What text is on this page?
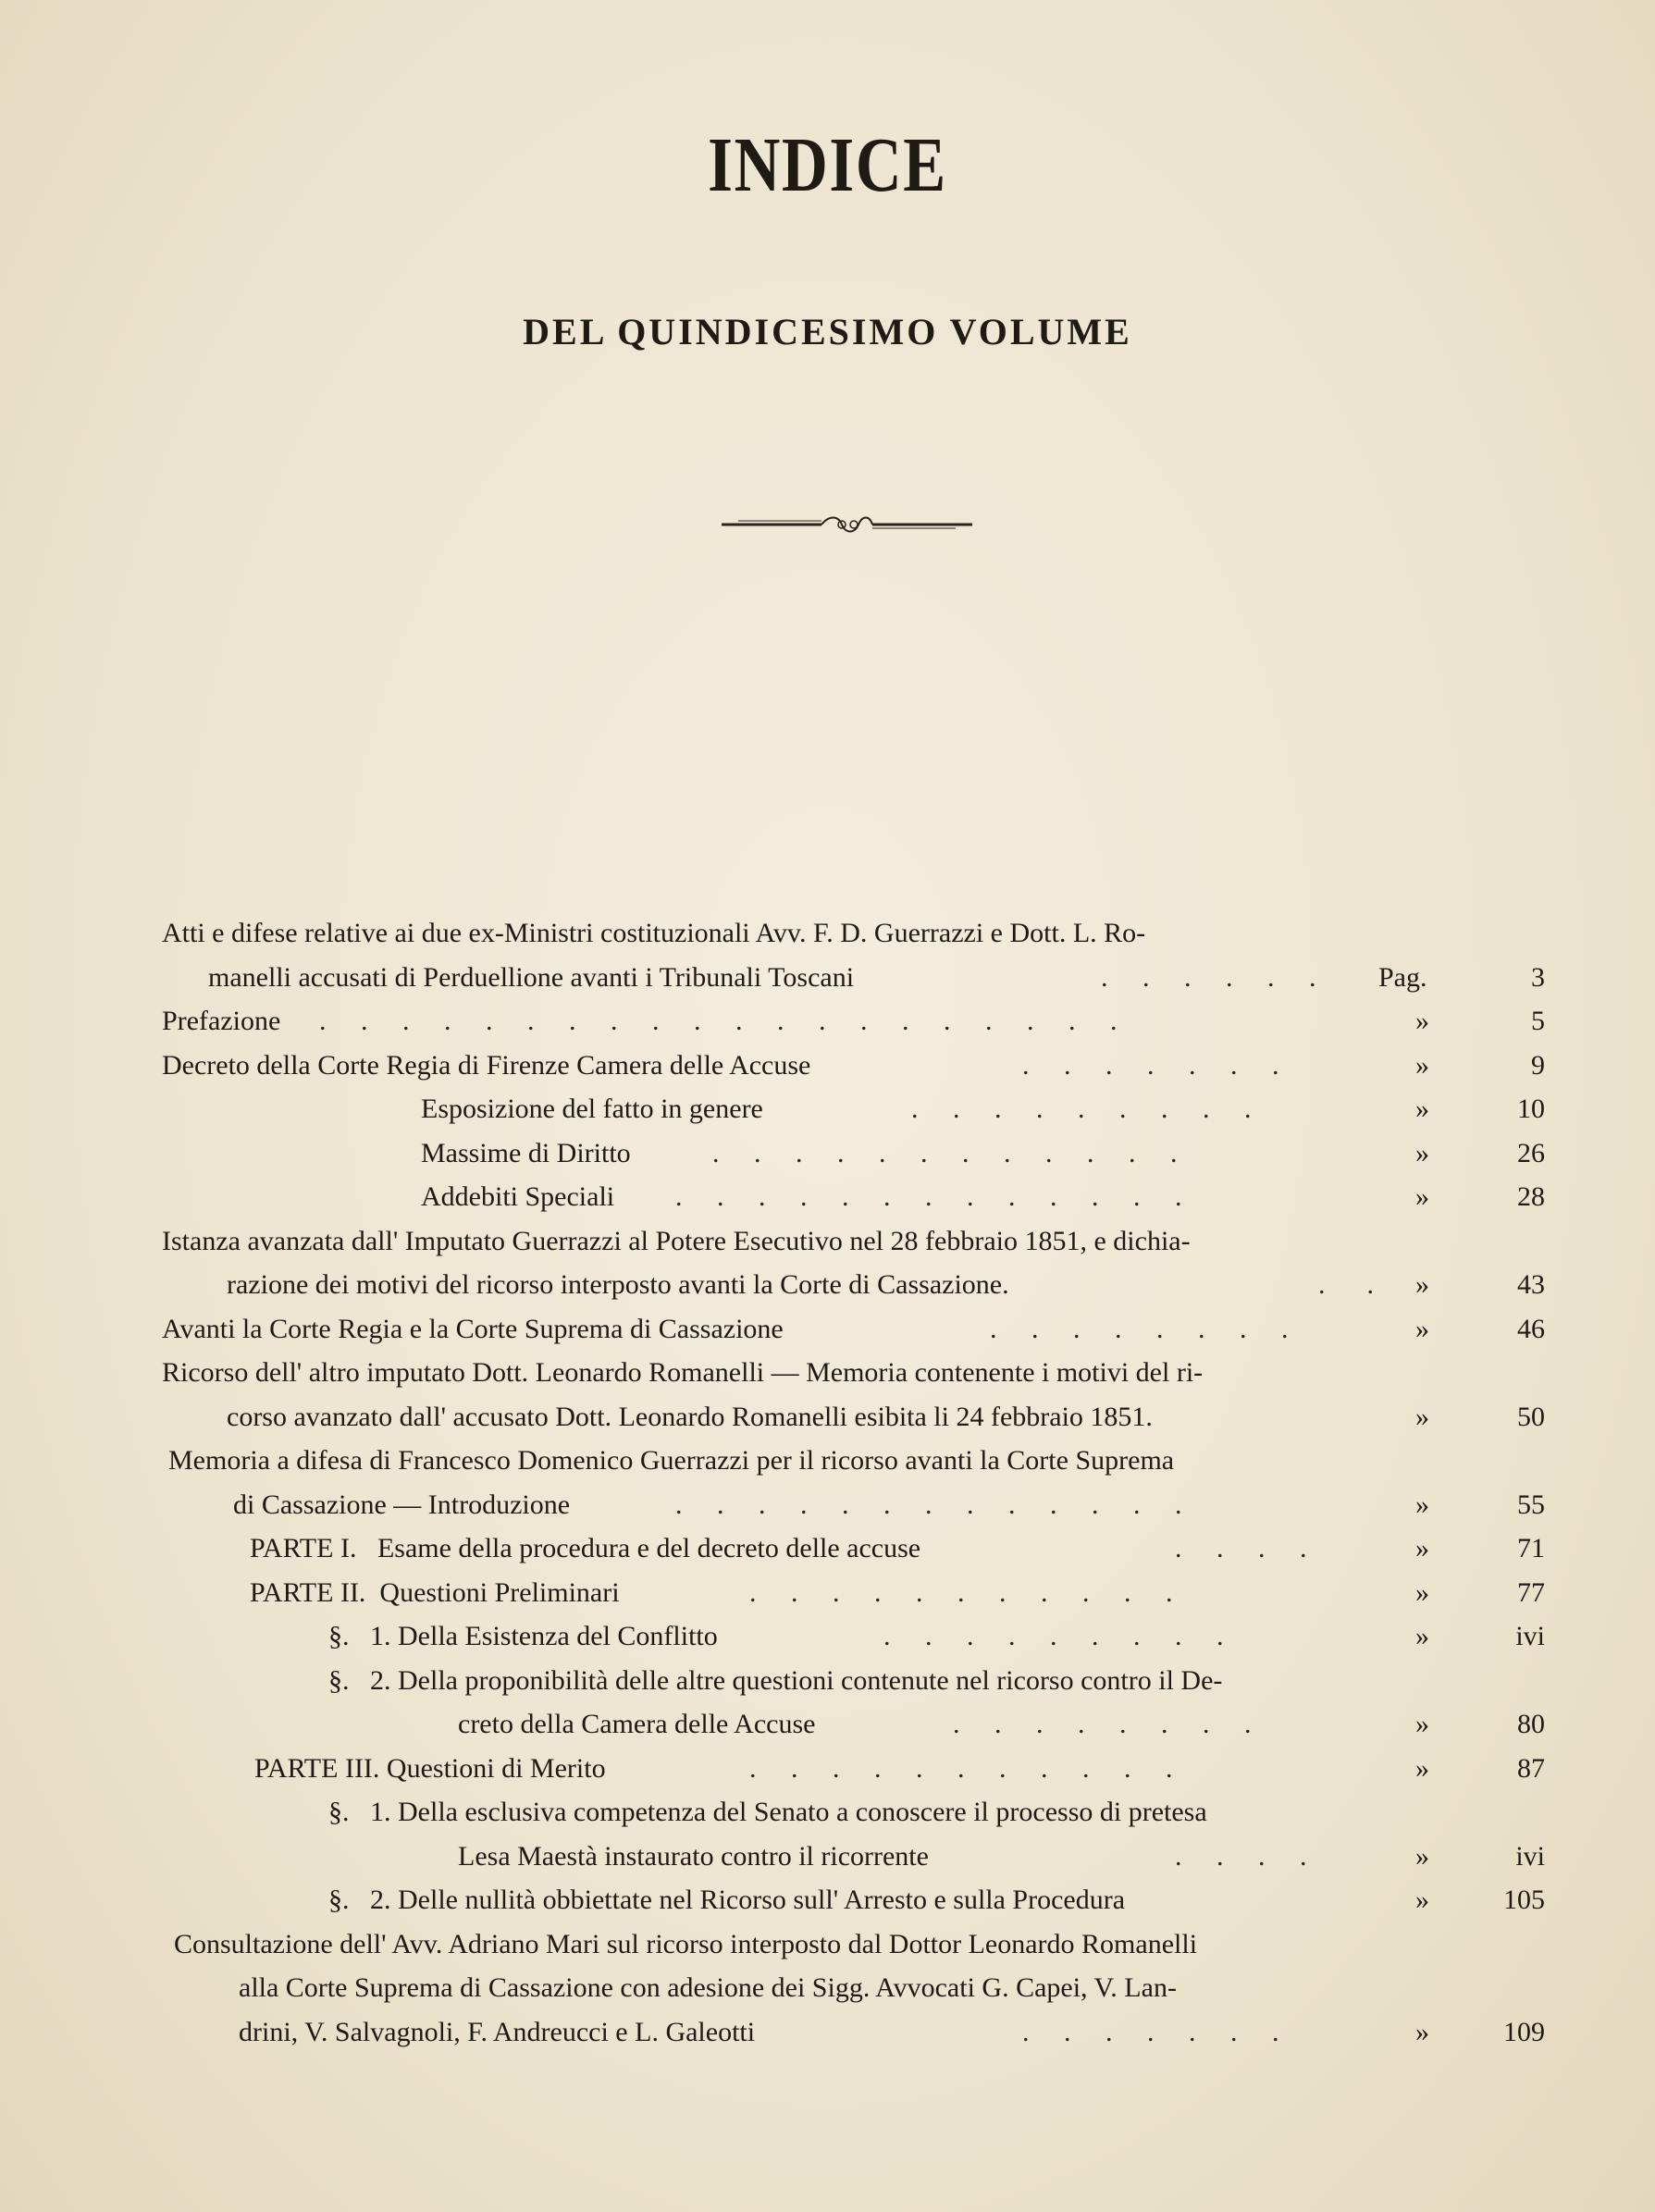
INDICE
DEL QUINDICESIMO VOLUME
Atti e difese relative ai due ex-Ministri costituzionali Avv. F. D. Guerrazzi e Dott. L. Ro-
manelli accusati di Perduellione avanti i Tribunali Toscani	.     .     .     .     .     .	Pag.	3
Prefazione .     .     .     .     .     .     .     .     .     .     .     .     .     .     .     .     .     .     .     .	»	5
Decreto della Corte Regia di Firenze Camera delle Accuse	.     .     .     .     .     .     .	»	9
Esposizione del fatto in genere	.     .     .     .     .     .     .     .     .	»	10
Massime di Diritto	.     .     .     .     .     .     .     .     .     .     .     .	»	26
Addebiti Speciali .     .     .     .     .     .     .     .     .     .     .     .     .	»	28
Istanza avanzata dall' Imputato Guerrazzi al Potere Esecutivo nel 28 febbraio 1851, e dichia-
razione dei motivi del ricorso interposto avanti la Corte di Cassazione.	.      .	»	43
Avanti la Corte Regia e la Corte Suprema di Cassazione	.     .     .     .     .     .     .     .	»	46
Ricorso dell' altro imputato Dott. Leonardo Romanelli — Memoria contenente i motivi del ri-
corso avanzato dall' accusato Dott. Leonardo Romanelli esibita li 24 febbraio 1851.	»	50
Memoria a difesa di Francesco Domenico Guerrazzi per il ricorso avanti la Corte Suprema
di Cassazione — Introduzione	.     .     .     .     .     .     .     .     .     .     .     .     .	»	55
PARTE I.   Esame della procedura e del decreto delle accuse	.     .     .     .	»	71
PARTE II.  Questioni Preliminari	.     .     .     .     .     .     .     .     .     .     .	»	77
§.   1. Della Esistenza del Conflitto	.     .     .     .     .     .     .     .     .	»	ivi
§.   2. Della proponibilità delle altre questioni contenute nel ricorso contro il De-
creto della Camera delle Accuse	.     .     .     .     .     .     .     .	»	80
PARTE III. Questioni di Merito	.     .     .     .     .     .     .     .     .     .     .	»	87
§.   1. Della esclusiva competenza del Senato a conoscere il processo di pretesa
Lesa Maestà instaurato contro il ricorrente	.     .     .     .	»	ivi
§.   2. Delle nullità obbiettate nel Ricorso sull' Arresto e sulla Procedura	»	105
Consultazione dell' Avv. Adriano Mari sul ricorso interposto dal Dottor Leonardo Romanelli
alla Corte Suprema di Cassazione con adesione dei Sigg. Avvocati G. Capei, V. Lan-
drini, V. Salvagnoli, F. Andreucci e L. Galeotti	.     .     .     .     .     .     .	»	109
